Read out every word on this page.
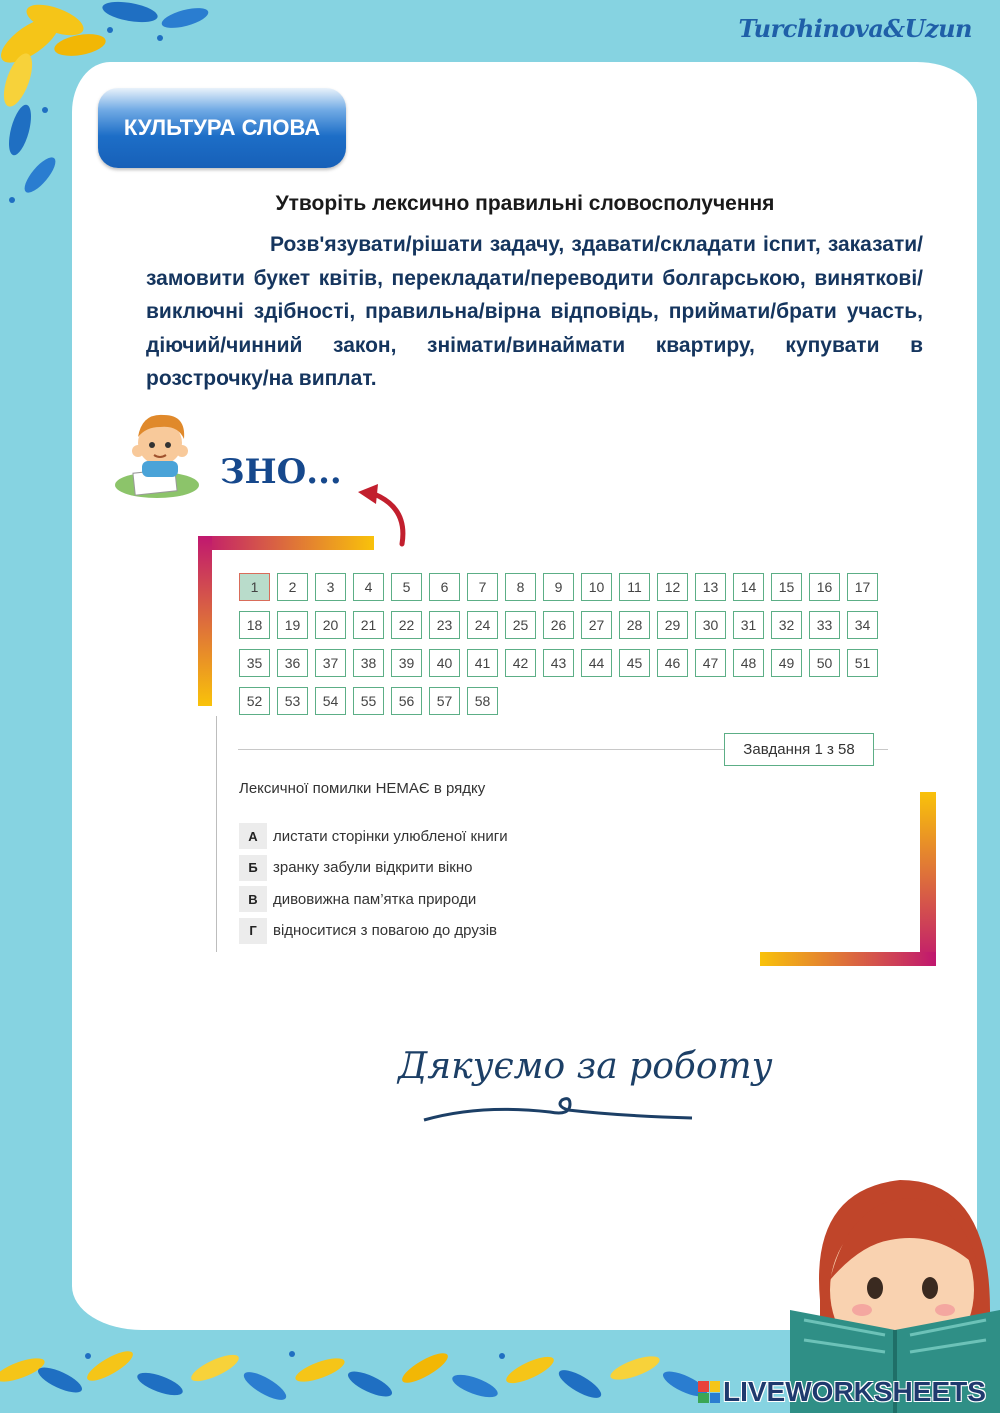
Turchinova&Uzun
КУЛЬТУРА СЛОВА
Утворіть лексично правильні словосполучення
Розв'язувати/рішати задачу, здавати/складати іспит, заказати/замовити букет квітів, перекладати/переводити болгарською, виняткові/виключні здібності, правильна/вірна відповідь, приймати/брати участь, діючий/чинний закон, знімати/винаймати квартиру, купувати в розстрочку/на виплат.
ЗНО...
1	2	3	4	5	6	7	8	9	10	11	12	13	14	15	16	17
18	19	20	21	22	23	24	25	26	27	28	29	30	31	32	33	34
35	36	37	38	39	40	41	42	43	44	45	46	47	48	49	50	51
52	53	54	55	56	57	58
Завдання 1 з 58
Лексичної помилки НЕМАЄ в рядку
А	листати сторінки улюбленої книги
Б	зранку забули відкрити вікно
В	дивовижна пам’ятка природи
Г	відноситися з повагою до друзів
Дякуємо за роботу
LIVEWORKSHEETS
